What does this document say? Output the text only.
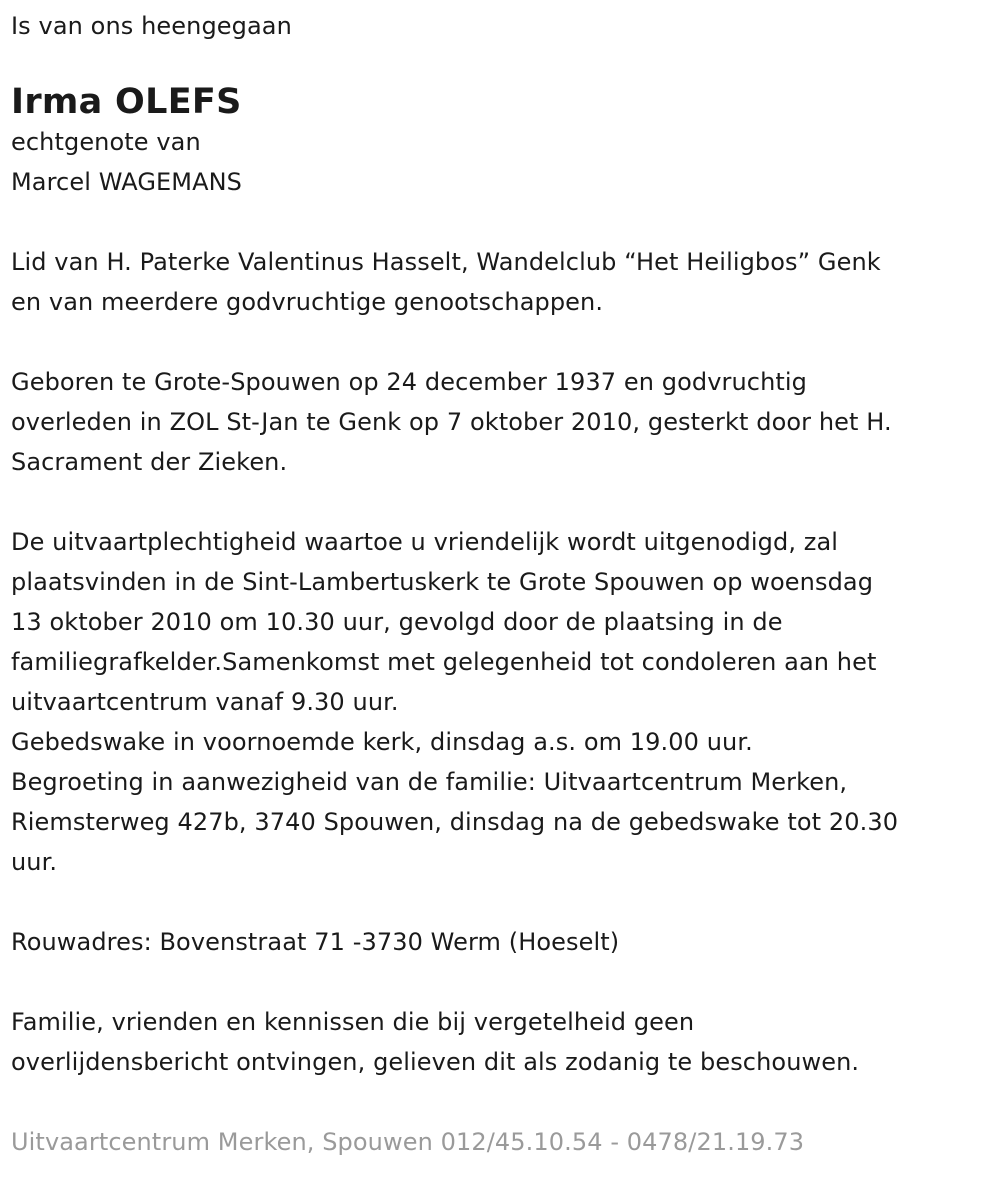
Is van ons heengegaan
Irma OLEFS
echtgenote van
Marcel WAGEMANS
Lid van H. Paterke Valentinus Hasselt, Wandelclub “Het Heiligbos” Genk
en van meerdere godvruchtige genootschappen.
Geboren te Grote-Spouwen op 24 december 1937 en godvruchtig
overleden in ZOL St-Jan te Genk op 7 oktober 2010, gesterkt door het H.
Sacrament der Zieken.
De uitvaartplechtigheid waartoe u vriendelijk wordt uitgenodigd, zal
plaatsvinden in de Sint-Lambertuskerk te Grote Spouwen op woensdag
13 oktober 2010 om 10.30 uur, gevolgd door de plaatsing in de
familiegrafkelder.Samenkomst met gelegenheid tot condoleren aan het
uitvaartcentrum vanaf 9.30 uur.
Gebedswake in voornoemde kerk, dinsdag a.s. om 19.00 uur.
Begroeting in aanwezigheid van de familie: Uitvaartcentrum Merken,
Riemsterweg 427b, 3740 Spouwen, dinsdag na de gebedswake tot 20.30
uur.
Rouwadres: Bovenstraat 71 -3730 Werm (Hoeselt)
Familie, vrienden en kennissen die bij vergetelheid geen
overlijdensbericht ontvingen, gelieven dit als zodanig te beschouwen.
Uitvaartcentrum Merken, Spouwen 012/45.10.54 - 0478/21.19.73
